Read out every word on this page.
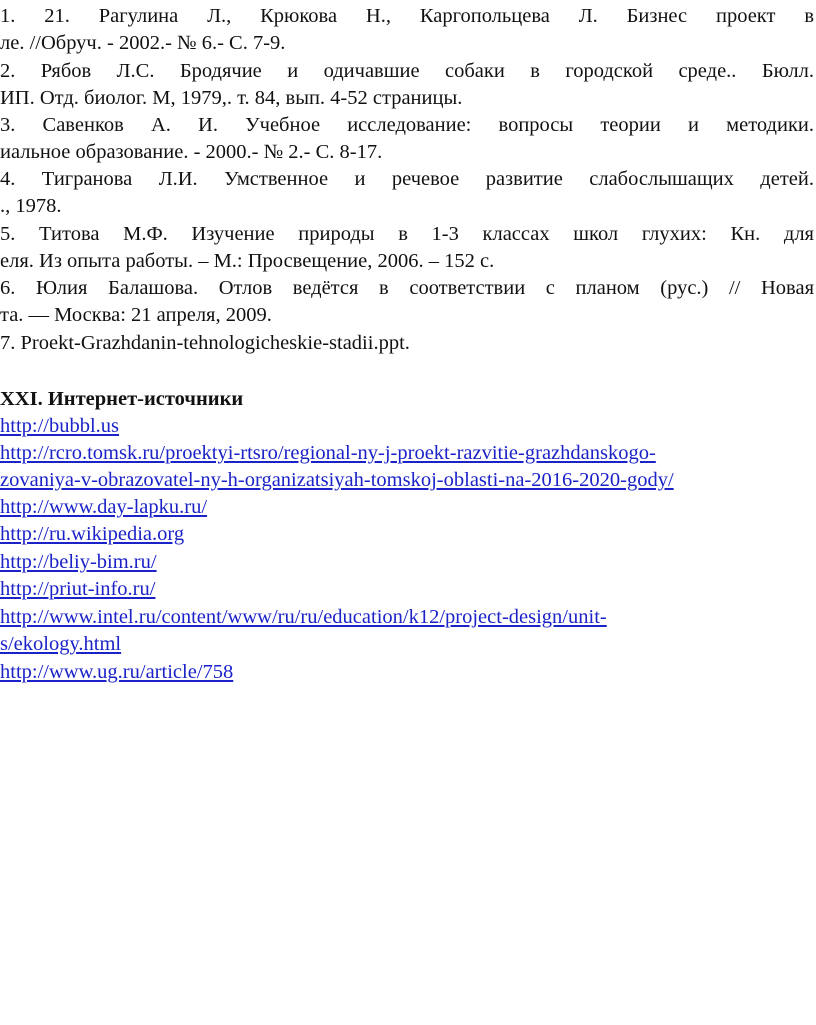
1. 21. Рагулина Л., Крюкова Н., Каргопольцева Л. Бизнес проект в
ле. //Обруч. - 2002.- № 6.- С. 7-9.
2. Рябов Л.С. Бродячие и одичавшие собаки в городской среде.. Бюлл.
ИП. Отд. биолог. М, 1979,. т. 84, вып. 4-52 страницы.
3. Савенков А. И. Учебное исследование: вопросы теории и методики.
иальное образование. - 2000.- № 2.- С. 8-17.
4. Тигранова Л.И. Умственное и речевое развитие слабослышащих детей.
., 1978.
5. Титова М.Ф. Изучение природы в 1-3 классах школ глухих: Кн. для
еля. Из опыта работы. – М.: Просвещение, 2006. – 152 с.
6. Юлия Балашова. Отлов ведётся в соответствии с планом (рус.) // Новая
та. — Москва: 21 апреля, 2009.
7. Proekt-Grazhdanin-tehnologicheskie-stadii.ppt.
XXI. Интернет-источники
http://bubbl.us
http://rcro.tomsk.ru/proektyi-rtsro/regional-ny-j-proekt-razvitie-grazhdanskogo-
zovaniya-v-obrazovatel-ny-h-organizatsiyah-tomskoj-oblasti-na-2016-2020-gody/
http://www.day-lapku.ru/
http://ru.wikipedia.org
http://beliy-bim.ru/
http://priut-info.ru/
http://www.intel.ru/content/www/ru/ru/education/k12/project-design/unit-
s/ekology.html
http://www.ug.ru/article/758
